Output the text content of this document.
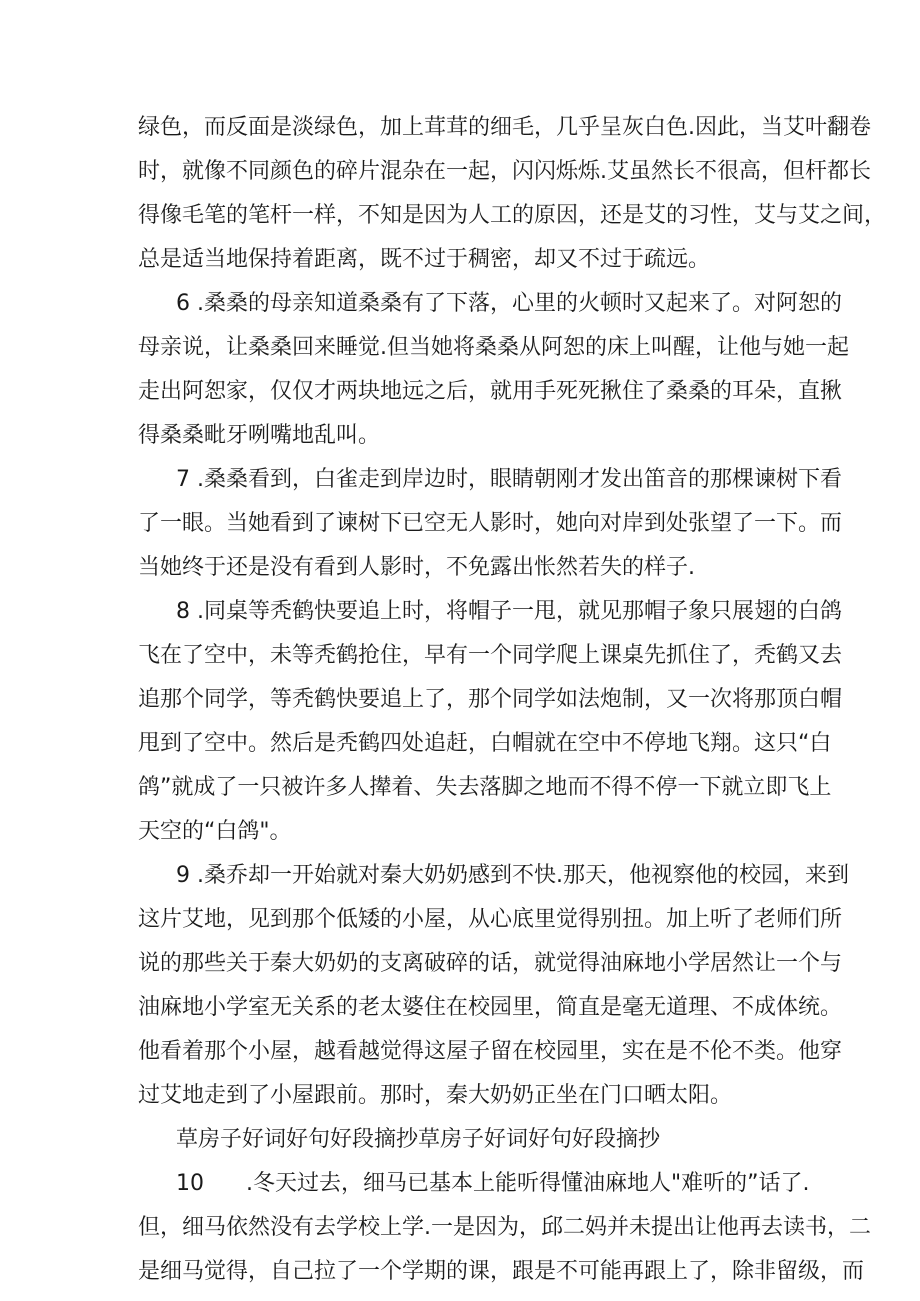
绿色，而反面是淡绿色，加上茸茸的细毛，几乎呈灰白色.因此，当艾叶翻卷
时，就像不同颜色的碎片混杂在一起，闪闪烁烁.艾虽然长不很高，但杆都长
得像毛笔的笔杆一样，不知是因为人工的原因，还是艾的习性，艾与艾之间，
总是适当地保持着距离，既不过于稠密，却又不过于疏远。
6 .桑桑的母亲知道桑桑有了下落，心里的火顿时又起来了。对阿恕的
母亲说，让桑桑回来睡觉.但当她将桑桑从阿恕的床上叫醒，让他与她一起
走出阿恕家，仅仅才两块地远之后，就用手死死揪住了桑桑的耳朵，直揪
得桑桑毗牙咧嘴地乱叫。
7 .桑桑看到，白雀走到岸边时，眼睛朝刚才发出笛音的那棵谏树下看
了一眼。当她看到了谏树下已空无人影时，她向对岸到处张望了一下。而
当她终于还是没有看到人影时，不免露出怅然若失的样子.
8 .同桌等秃鹤快要追上时，将帽子一甩，就见那帽子象只展翅的白鸽
飞在了空中，未等秃鹤抢住，早有一个同学爬上课桌先抓住了，秃鹤又去
追那个同学，等秃鹤快要追上了，那个同学如法炮制，又一次将那顶白帽
甩到了空中。然后是秃鹤四处追赶，白帽就在空中不停地飞翔。这只“白
鸽”就成了一只被许多人撵着、失去落脚之地而不得不停一下就立即飞上
天空的“白鸽"。
9 .桑乔却一开始就对秦大奶奶感到不快.那天，他视察他的校园，来到
这片艾地，见到那个低矮的小屋，从心底里觉得别扭。加上听了老师们所
说的那些关于秦大奶奶的支离破碎的话，就觉得油麻地小学居然让一个与
油麻地小学室无关系的老太婆住在校园里，简直是毫无道理、不成体统。
他看着那个小屋，越看越觉得这屋子留在校园里，实在是不伦不类。他穿
过艾地走到了小屋跟前。那时，秦大奶奶正坐在门口晒太阳。
草房子好词好句好段摘抄草房子好词好句好段摘抄
10      .冬天过去，细马已基本上能听得懂油麻地人"难听的”话了.
但，细马依然没有去学校上学.一是因为，邱二妈并未提出让他再去读书，二
是细马觉得，自己拉了一个学期的课，跟是不可能再跟上了，除非留级，而
